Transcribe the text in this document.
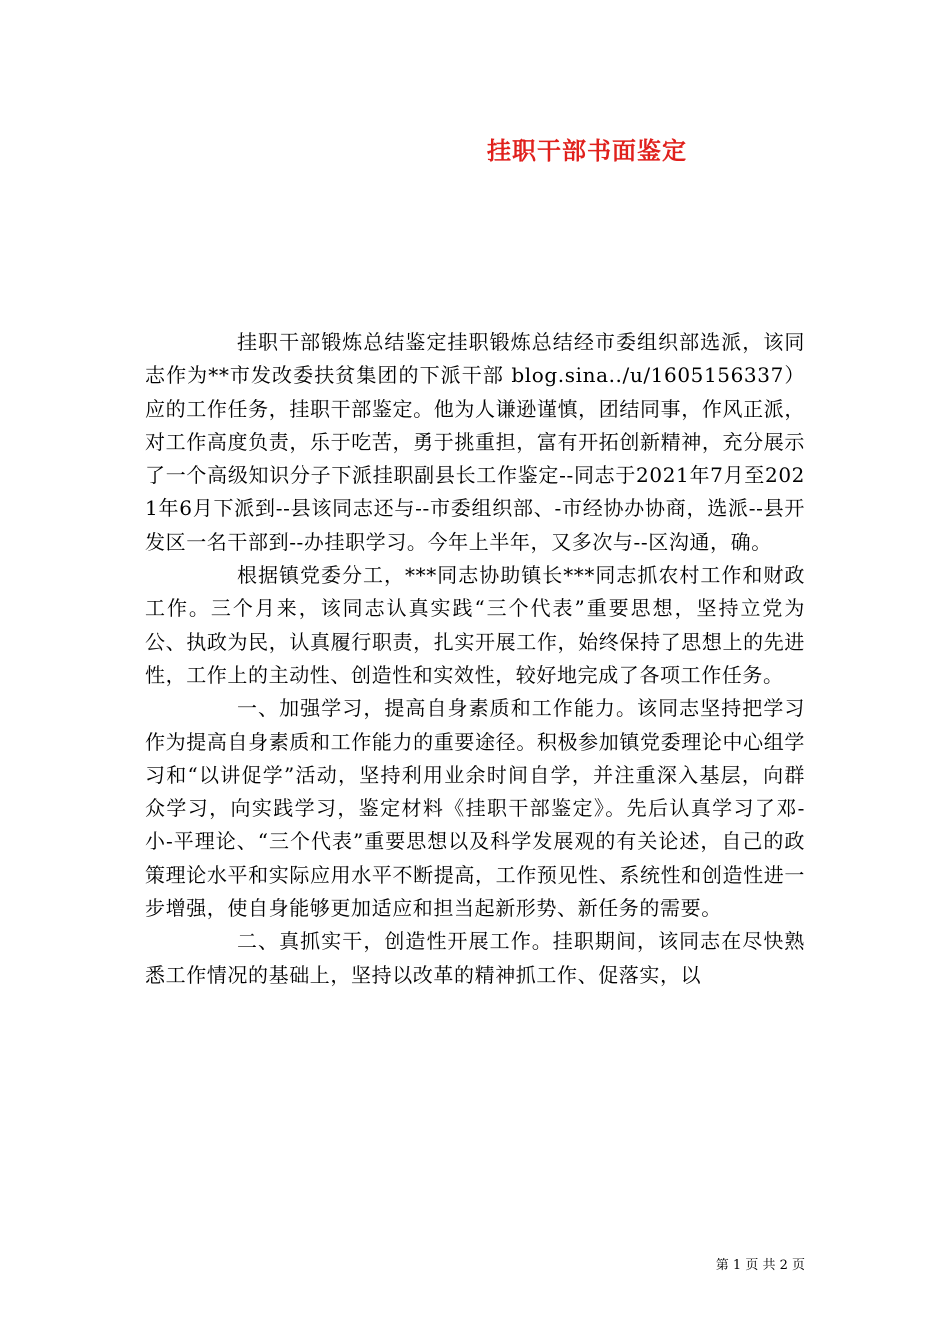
挂职干部书面鉴定

挂职干部锻炼总结鉴定挂职锻炼总结经市委组织部选派，该同志作为**市发改委扶贫集团的下派干部 blog.sina../u/1605156337）应的工作任务，挂职干部鉴定。他为人谦逊谨慎，团结同事，作风正派，对工作高度负责，乐于吃苦，勇于挑重担，富有开拓创新精神，充分展示了一个高级知识分子下派挂职副县长工作鉴定--同志于2021年7月至2021年6月下派到--县该同志还与--市委组织部、-市经协办协商，选派--县开发区一名干部到--办挂职学习。今年上半年，又多次与--区沟通，确。

根据镇党委分工，***同志协助镇长***同志抓农村工作和财政工作。三个月来，该同志认真实践“三个代表”重要思想，坚持立党为公、执政为民，认真履行职责，扎实开展工作，始终保持了思想上的先进性，工作上的主动性、创造性和实效性，较好地完成了各项工作任务。

一、加强学习，提高自身素质和工作能力。该同志坚持把学习作为提高自身素质和工作能力的重要途径。积极参加镇党委理论中心组学习和“以讲促学”活动，坚持利用业余时间自学，并注重深入基层，向群众学习，向实践学习，鉴定材料《挂职干部鉴定》。先后认真学习了邓-小-平理论、“三个代表”重要思想以及科学发展观的有关论述，自己的政策理论水平和实际应用水平不断提高，工作预见性、系统性和创造性进一步增强，使自身能够更加适应和担当起新形势、新任务的需要。

二、真抓实干，创造性开展工作。挂职期间，该同志在尽快熟悉工作情况的基础上，坚持以改革的精神抓工作、促落实，以

第 1 页 共 2 页
